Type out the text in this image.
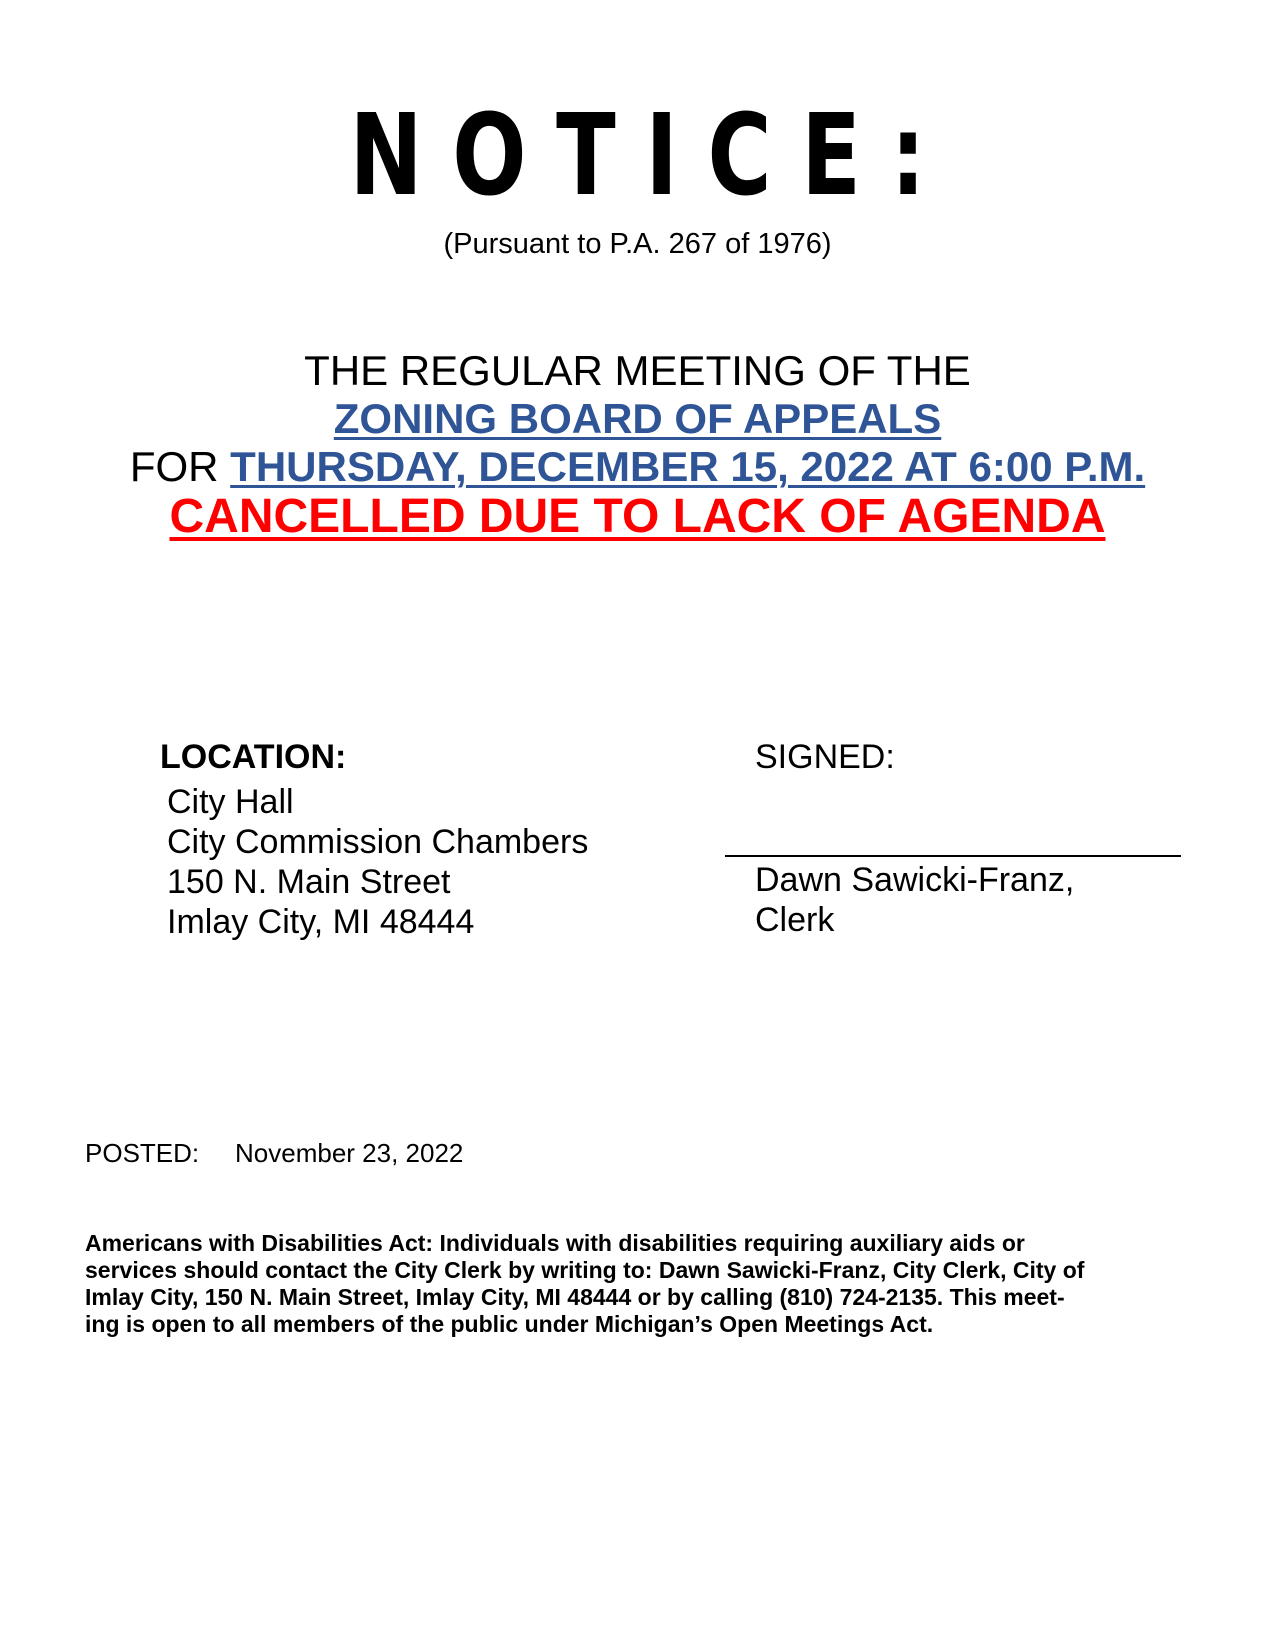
NOTICE:
(Pursuant to P.A. 267 of 1976)
THE REGULAR MEETING OF THE
ZONING BOARD OF APPEALS
FOR THURSDAY, DECEMBER 15, 2022 AT 6:00 P.M.
CANCELLED DUE TO LACK OF AGENDA
LOCATION:
City Hall
City Commission Chambers
150 N. Main Street
Imlay City, MI 48444
SIGNED:
Dawn Sawicki-Franz,
Clerk
POSTED: November 23, 2022
Americans with Disabilities Act: Individuals with disabilities requiring auxiliary aids or
services should contact the City Clerk by writing to: Dawn Sawicki-Franz, City Clerk, City of
Imlay City, 150 N. Main Street, Imlay City, MI 48444 or by calling (810) 724-2135. This meet-
ing is open to all members of the public under Michigan’s Open Meetings Act.
